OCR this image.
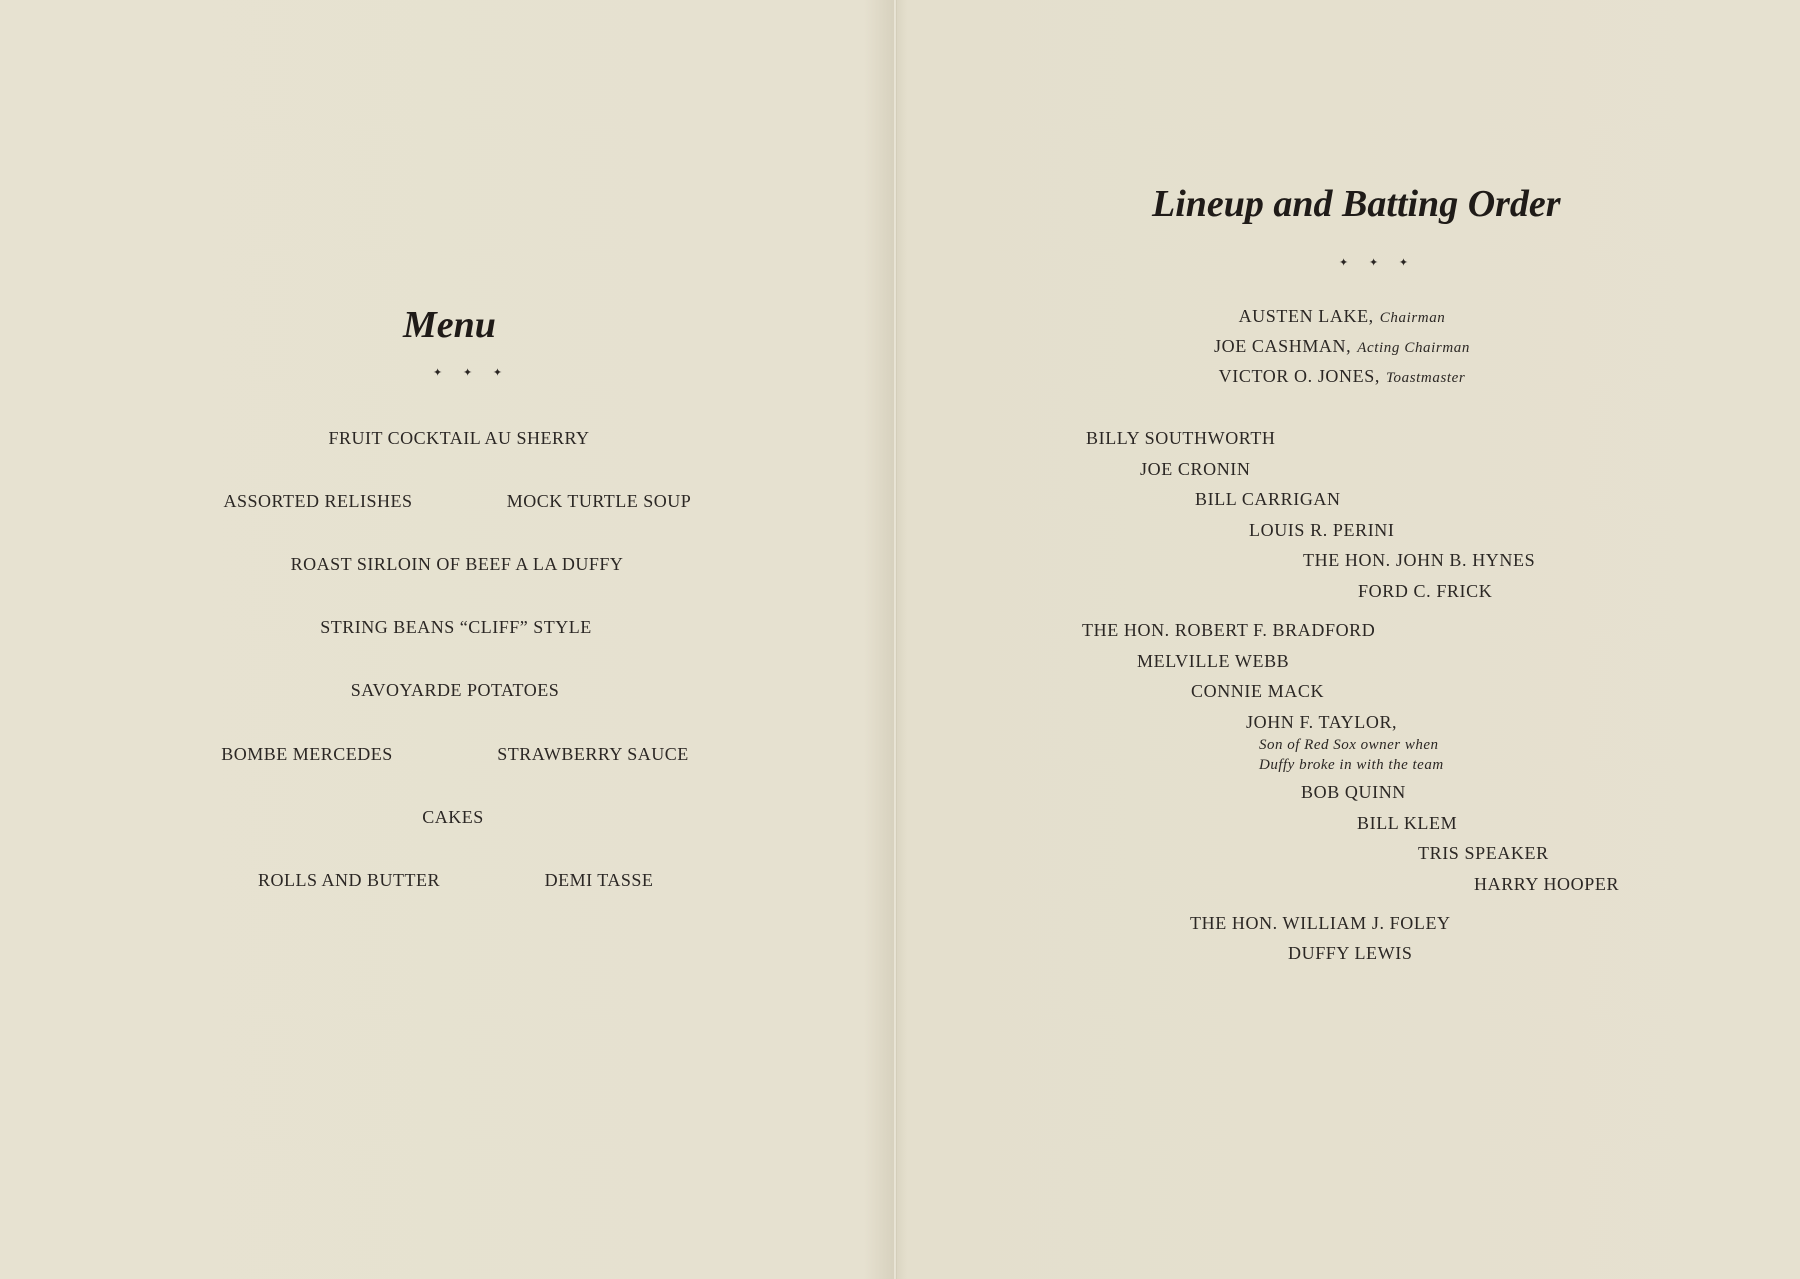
Menu
✦ ✦ ✦
FRUIT COCKTAIL AU SHERRY
ASSORTED RELISHES	MOCK TURTLE SOUP
ROAST SIRLOIN OF BEEF A LA DUFFY
STRING BEANS “CLIFF” STYLE
SAVOYARDE POTATOES
BOMBE MERCEDES	STRAWBERRY SAUCE
CAKES
ROLLS AND BUTTER	DEMI TASSE
Lineup and Batting Order
✦ ✦ ✦
AUSTEN LAKE, Chairman
JOE CASHMAN, Acting Chairman
VICTOR O. JONES, Toastmaster
BILLY SOUTHWORTH
JOE CRONIN
BILL CARRIGAN
LOUIS R. PERINI
THE HON. JOHN B. HYNES
FORD C. FRICK
THE HON. ROBERT F. BRADFORD
MELVILLE WEBB
CONNIE MACK
JOHN F. TAYLOR,
Son of Red Sox owner when
Duffy broke in with the team
BOB QUINN
BILL KLEM
TRIS SPEAKER
HARRY HOOPER
THE HON. WILLIAM J. FOLEY
DUFFY LEWIS
